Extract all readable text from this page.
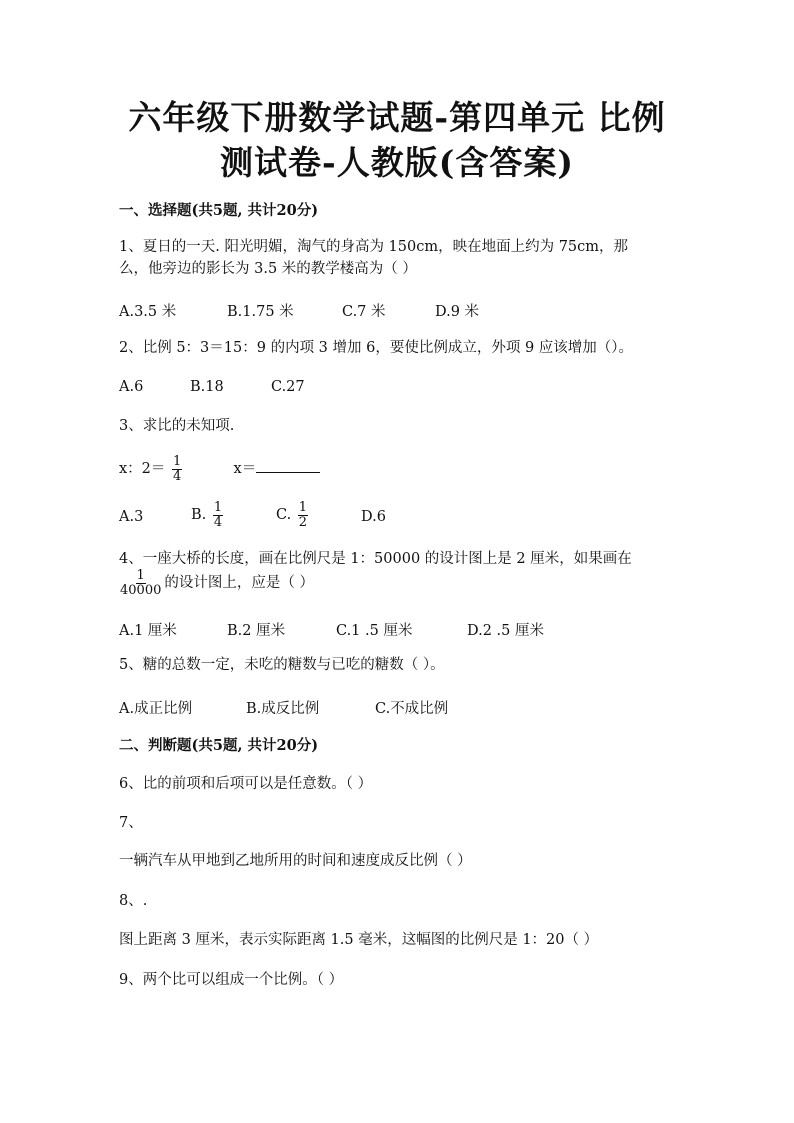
六年级下册数学试题-第四单元 比例
测试卷-人教版(含答案)
一、选择题(共5题, 共计20分)
1、夏日的一天. 阳光明媚，淘气的身高为 150cm，映在地面上约为 75cm，那
么，他旁边的影长为 3.5 米的教学楼高为（ ）
A.3.5 米	B.1.75 米	C.7 米	D.9 米
2、比例 5：3＝15：9 的内项 3 增加 6，要使比例成立，外项 9 应该增加（）。
A.6	B.18	C.27
3、求比的未知项.
x：$2= \frac{1}{4}$	x＝
A.3	B. $\frac{1}{4}$	C. $\frac{1}{2}$	D.6
4、一座大桥的长度，画在比例尺是 1：50000 的设计图上是 2 厘米，如果画在
$\frac{1}{40000}$ 的设计图上，应是（ ）
A.1 厘米	B.2 厘米	C.1 .5 厘米	D.2 .5 厘米
5、糖的总数一定，未吃的糖数与已吃的糖数（ ）。
A.成正比例	B.成反比例	C.不成比例
二、判断题(共5题, 共计20分)
6、比的前项和后项可以是任意数。（ ）
7、
一辆汽车从甲地到乙地所用的时间和速度成反比例（ ）
8、.
图上距离 3 厘米，表示实际距离 1.5 毫米，这幅图的比例尺是 1：20（ ）
9、两个比可以组成一个比例。（ ）
